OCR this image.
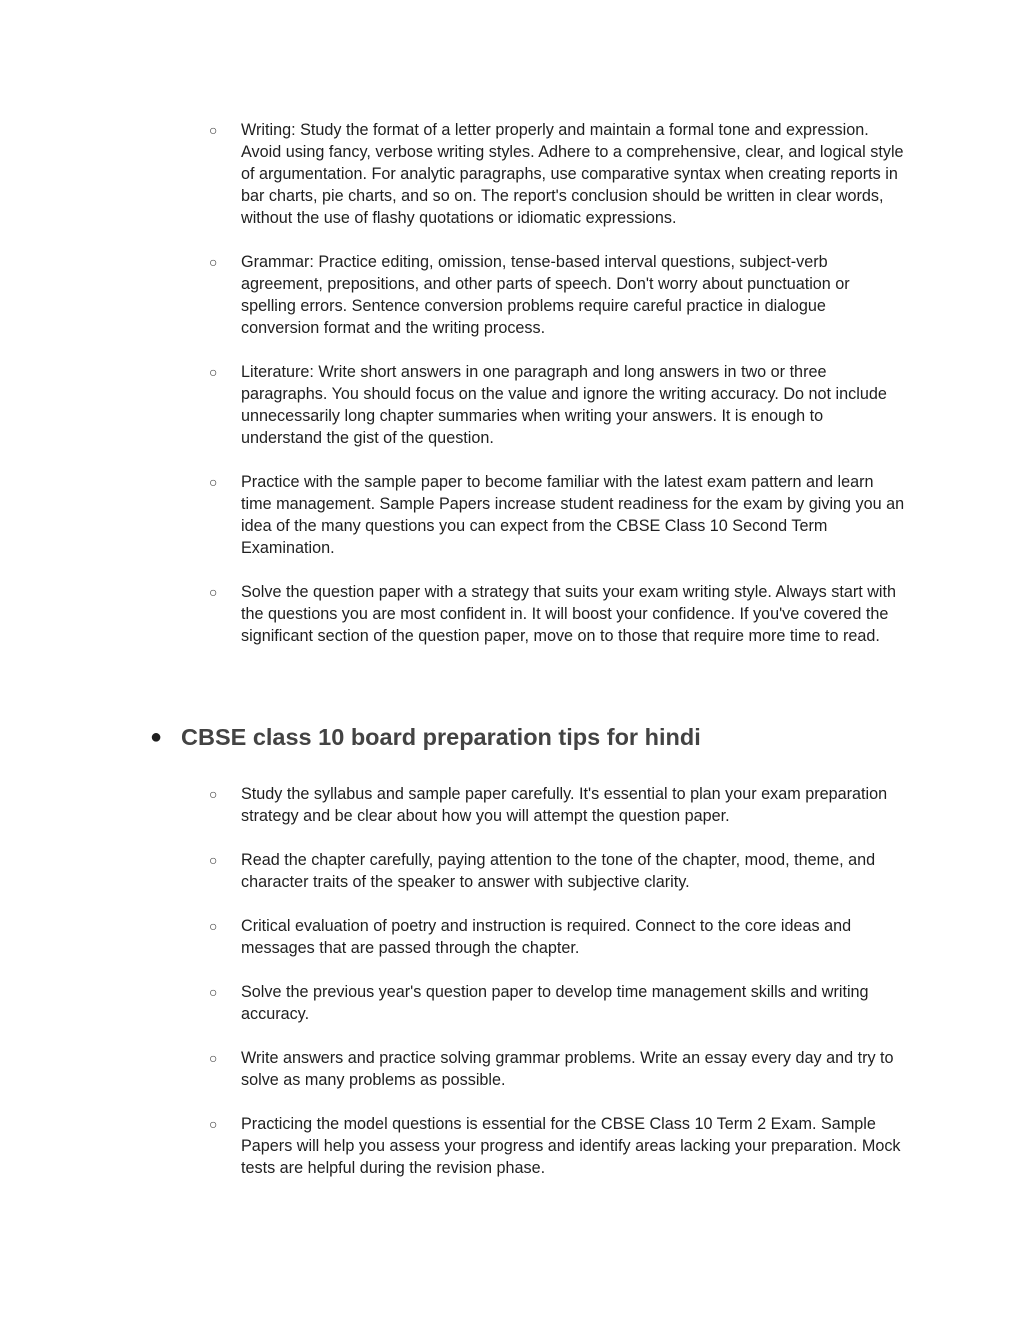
○ Writing: Study the format of a letter properly and maintain a formal tone and expression. Avoid using fancy, verbose writing styles. Adhere to a comprehensive, clear, and logical style of argumentation. For analytic paragraphs, use comparative syntax when creating reports in bar charts, pie charts, and so on. The report's conclusion should be written in clear words, without the use of flashy quotations or idiomatic expressions.
○ Grammar: Practice editing, omission, tense-based interval questions, subject-verb agreement, prepositions, and other parts of speech. Don't worry about punctuation or spelling errors. Sentence conversion problems require careful practice in dialogue conversion format and the writing process.
○ Literature: Write short answers in one paragraph and long answers in two or three paragraphs. You should focus on the value and ignore the writing accuracy. Do not include unnecessarily long chapter summaries when writing your answers. It is enough to understand the gist of the question.
○ Practice with the sample paper to become familiar with the latest exam pattern and learn time management. Sample Papers increase student readiness for the exam by giving you an idea of the many questions you can expect from the CBSE Class 10 Second Term Examination.
○ Solve the question paper with a strategy that suits your exam writing style. Always start with the questions you are most confident in. It will boost your confidence. If you've covered the significant section of the question paper, move on to those that require more time to read.
● CBSE class 10 board preparation tips for hindi
○ Study the syllabus and sample paper carefully. It's essential to plan your exam preparation strategy and be clear about how you will attempt the question paper.
○ Read the chapter carefully, paying attention to the tone of the chapter, mood, theme, and character traits of the speaker to answer with subjective clarity.
○ Critical evaluation of poetry and instruction is required. Connect to the core ideas and messages that are passed through the chapter.
○ Solve the previous year's question paper to develop time management skills and writing accuracy.
○ Write answers and practice solving grammar problems. Write an essay every day and try to solve as many problems as possible.
○ Practicing the model questions is essential for the CBSE Class 10 Term 2 Exam. Sample Papers will help you assess your progress and identify areas lacking your preparation. Mock tests are helpful during the revision phase.
